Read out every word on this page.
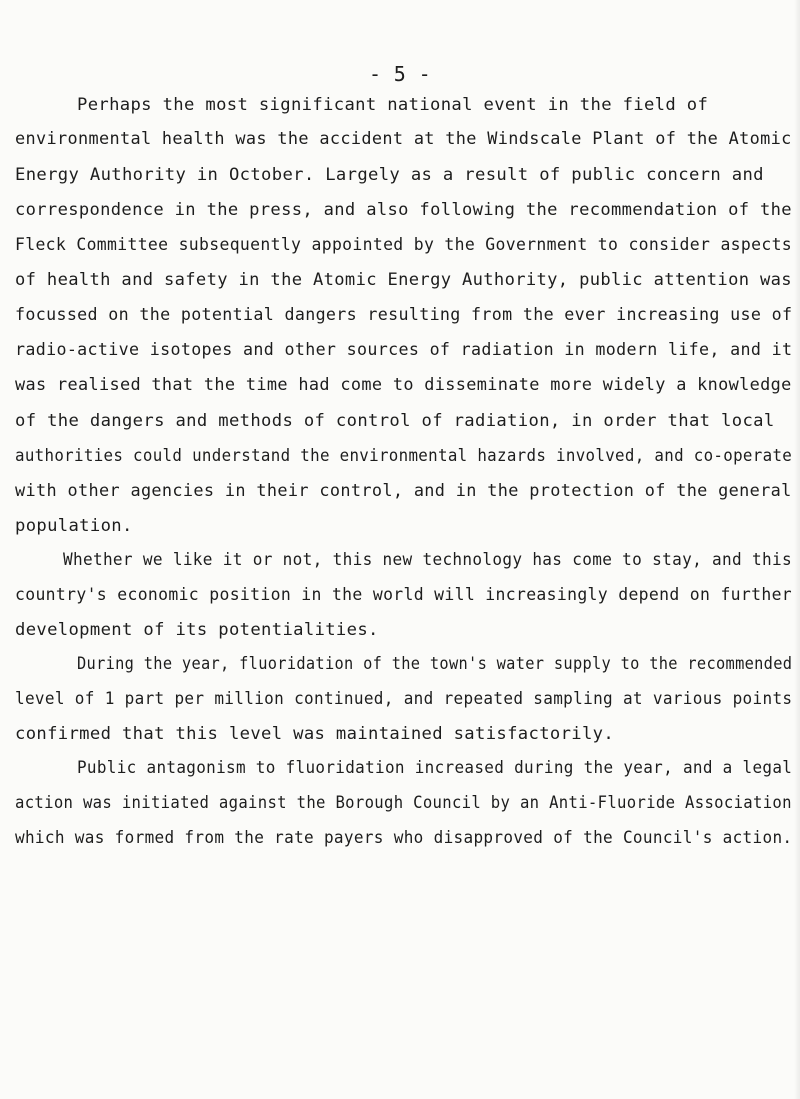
- 5 -
Perhaps the most significant national event in the field of
environmental health was the accident at the Windscale Plant of the Atomic
Energy Authority in October. Largely as a result of public concern and
correspondence in the press, and also following the recommendation of the
Fleck Committee subsequently appointed by the Government to consider aspects
of health and safety in the Atomic Energy Authority, public attention was
focussed on the potential dangers resulting from the ever increasing use of
radio-active isotopes and other sources of radiation in modern life, and it
was realised that the time had come to disseminate more widely a knowledge
of the dangers and methods of control of radiation, in order that local
authorities could understand the environmental hazards involved, and co-operate
with other agencies in their control, and in the protection of the general
population.
Whether we like it or not, this new technology has come to stay, and this
country's economic position in the world will increasingly depend on further
development of its potentialities.
During the year, fluoridation of the town's water supply to the recommended
level of 1 part per million continued, and repeated sampling at various points
confirmed that this level was maintained satisfactorily.
Public antagonism to fluoridation increased during the year, and a legal
action was initiated against the Borough Council by an Anti-Fluoride Association
which was formed from the rate payers who disapproved of the Council's action.
